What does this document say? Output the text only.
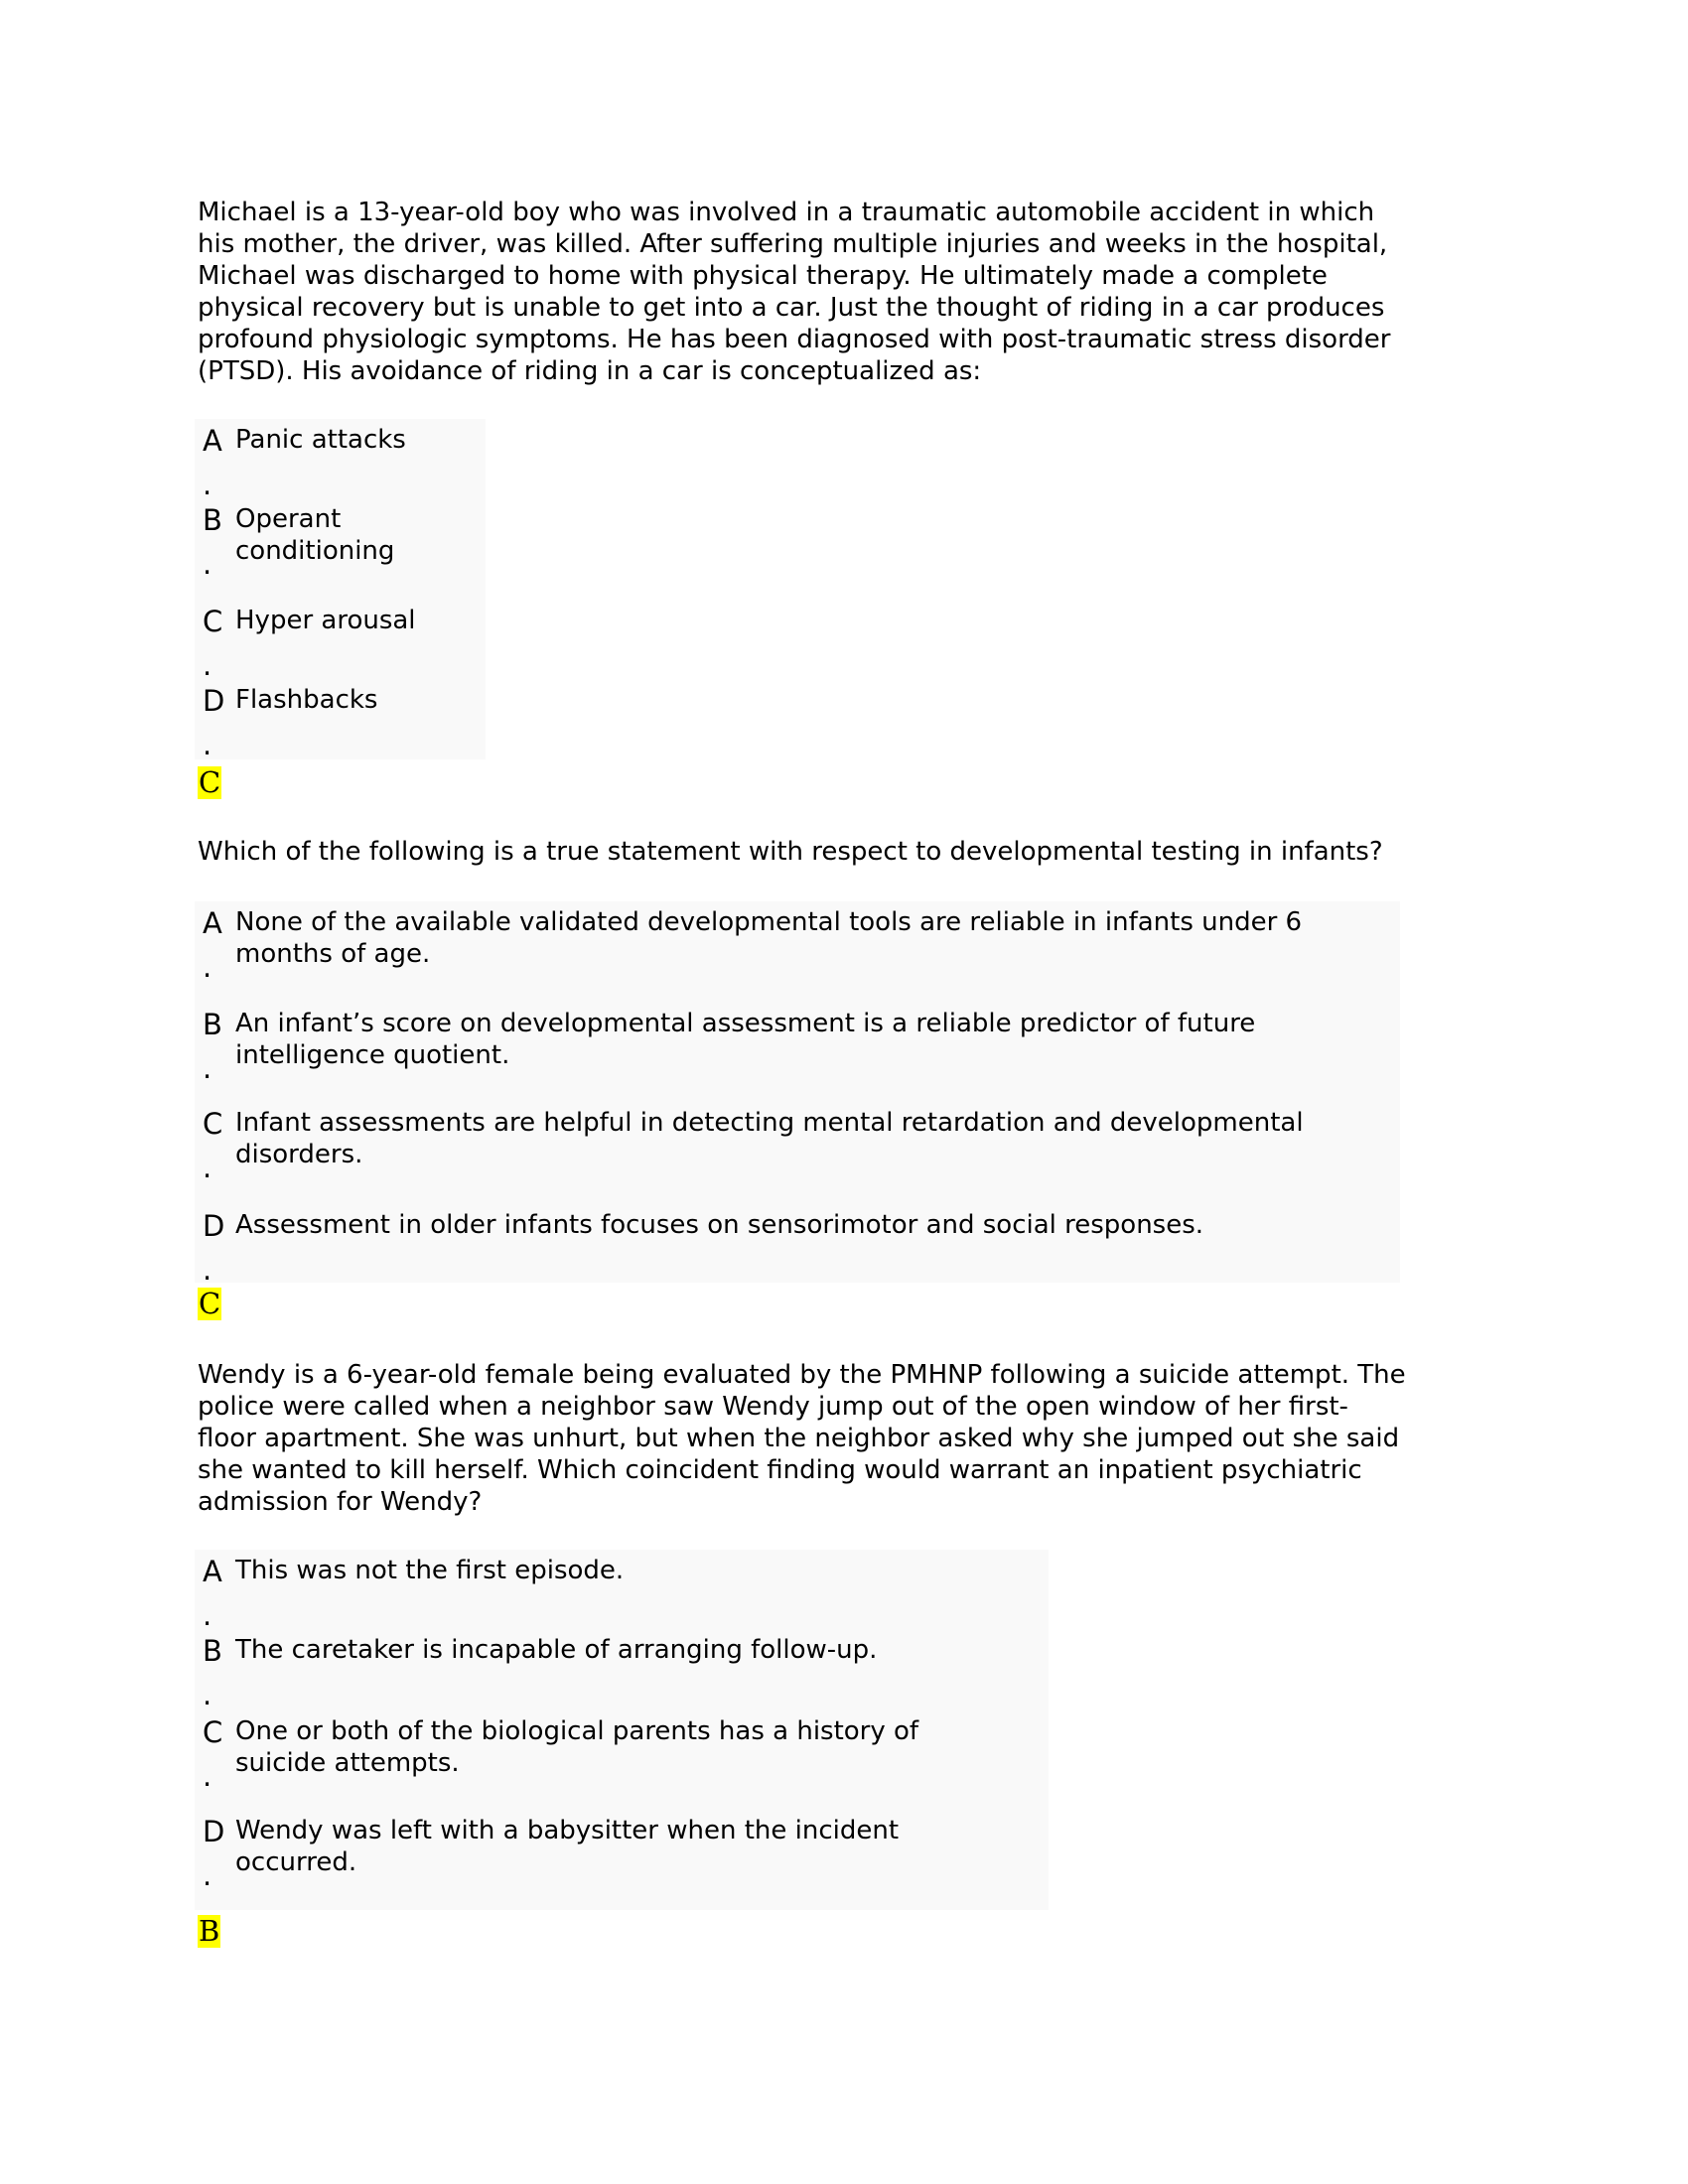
Michael is a 13-year-old boy who was involved in a traumatic automobile accident in which
his mother, the driver, was killed. After suffering multiple injuries and weeks in the hospital,
Michael was discharged to home with physical therapy. He ultimately made a complete
physical recovery but is unable to get into a car. Just the thought of riding in a car produces
profound physiologic symptoms. He has been diagnosed with post-traumatic stress disorder
(PTSD). His avoidance of riding in a car is conceptualized as:
A
.
Panic attacks
B
.
Operant
conditioning
C
.
Hyper arousal
D
.
Flashbacks
C
Which of the following is a true statement with respect to developmental testing in infants?
A
.
None of the available validated developmental tools are reliable in infants under 6
months of age.
B
.
An infant’s score on developmental assessment is a reliable predictor of future
intelligence quotient.
C
.
Infant assessments are helpful in detecting mental retardation and developmental
disorders.
D
.
Assessment in older infants focuses on sensorimotor and social responses.
C
Wendy is a 6-year-old female being evaluated by the PMHNP following a suicide attempt. The
police were called when a neighbor saw Wendy jump out of the open window of her first-
floor apartment. She was unhurt, but when the neighbor asked why she jumped out she said
she wanted to kill herself. Which coincident finding would warrant an inpatient psychiatric
admission for Wendy?
A
.
This was not the first episode.
B
.
The caretaker is incapable of arranging follow-up.
C
.
One or both of the biological parents has a history of
suicide attempts.
D
.
Wendy was left with a babysitter when the incident
occurred.
B
